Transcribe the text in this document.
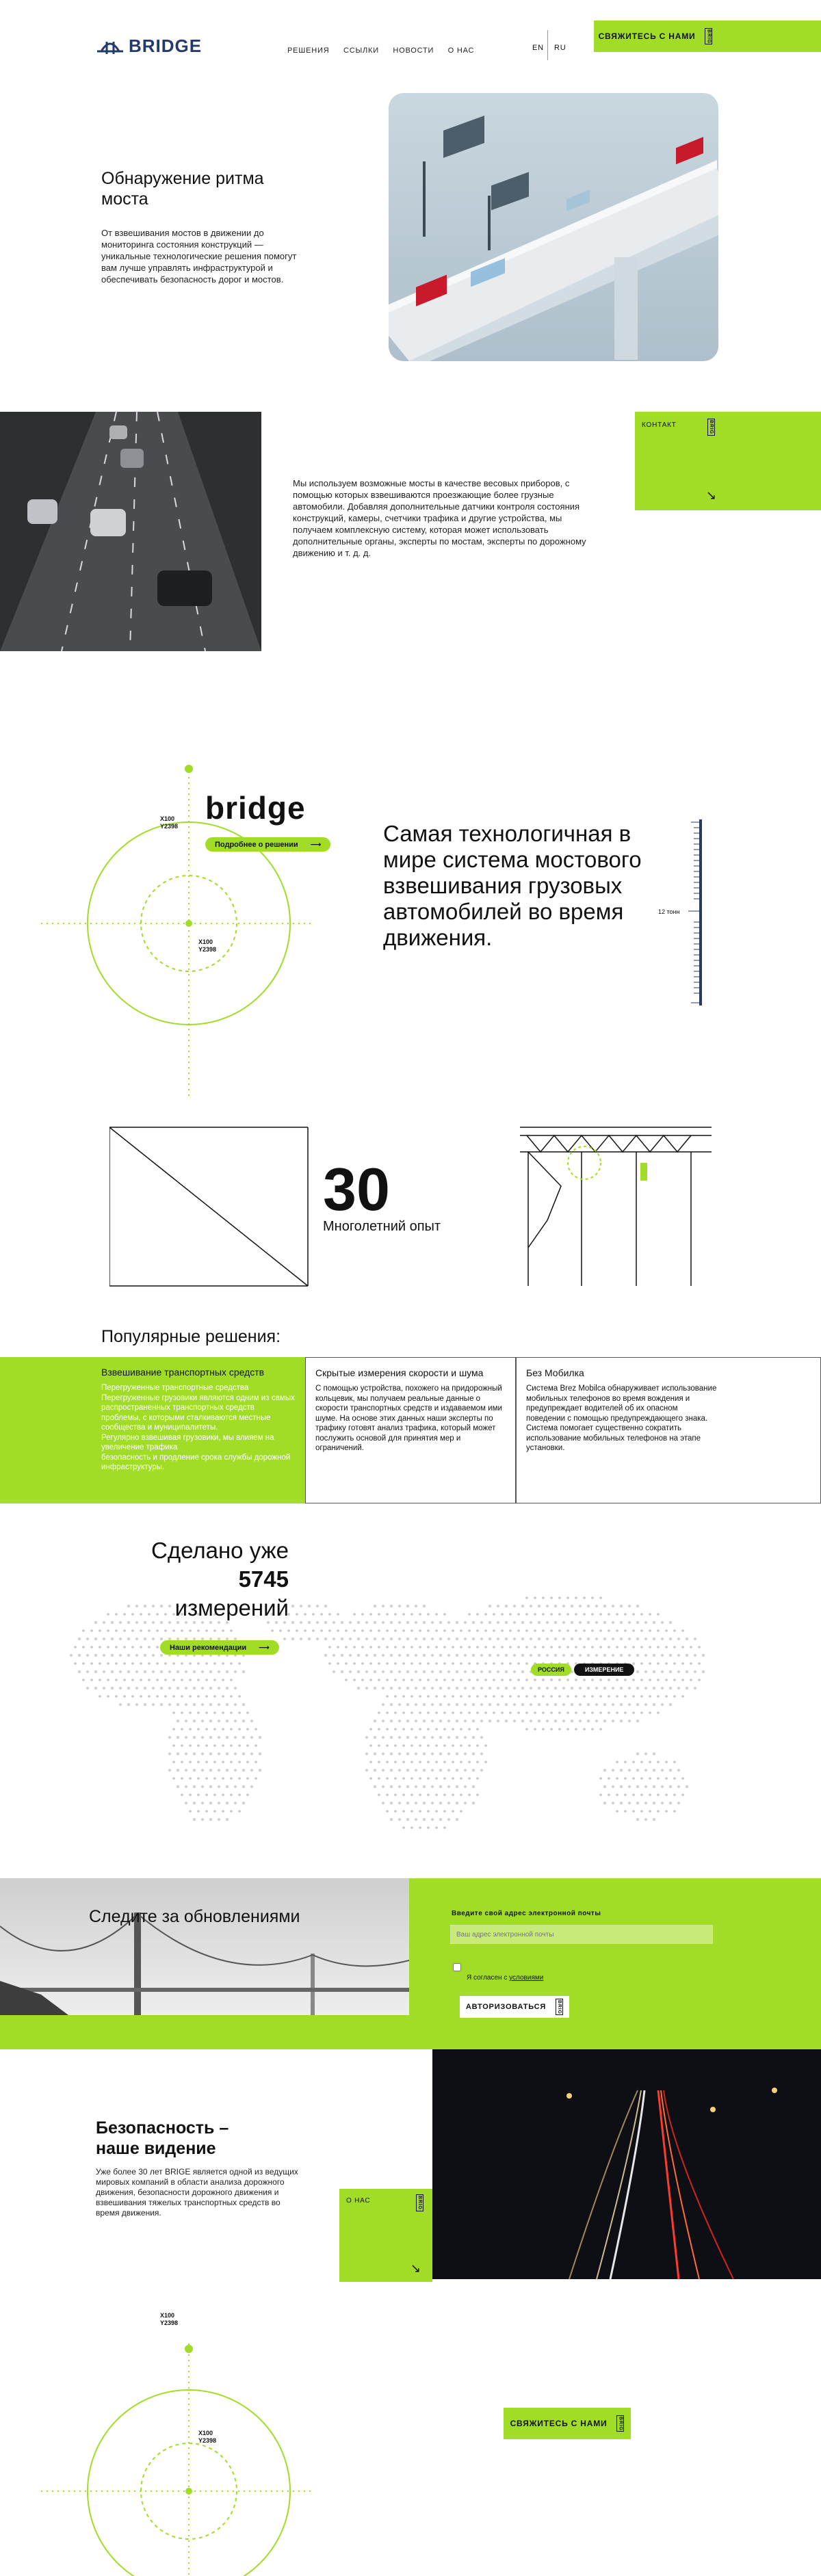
BRIDGE	РЕШЕНИЯ ССЫЛКИ НОВОСТИ О НАС	EN RU
СВЯЖИТЕСЬ С НАМИ BRIG
Обнаружение ритма моста

От взвешивания мостов в движении до мониторинга состояния конструкций — уникальные технологические решения помогут вам лучше управлять инфраструктурой и обеспечивать безопасность дорог и мостов.

Мы используем возможные мосты в качестве весовых приборов, с помощью которых взвешиваются проезжающие более грузные автомобили. Добавляя дополнительные датчики контроля состояния конструкций, камеры, счетчики трафика и другие устройства, мы получаем комплексную систему, которая может использовать дополнительные органы, эксперты по мостам, эксперты по дорожному движению и т. д. д.

КОНТАКТ	BRIG
↘
X100
Y2398
X100
Y2398
bridge
Подробнее о решении ⟶	Самая технологичная в мире система мостового взвешивания грузовых автомобилей во время движения.
12 тонн
30
Многолетний опыт
Популярные решения:
Взвешивание транспортных средств

Перегруженные транспортные средства
Перегруженные грузовики являются одним из самых распространенных транспортных средств проблемы, с которыми сталкиваются местные сообщества и муниципалитеты.
Регулярно взвешивая грузовики, мы влияем на увеличение трафика
безопасность и продление срока службы дорожной инфраструктуры.

Скрытые измерения скорости и шума

С помощью устройства, похожего на придорожный кольцевик, мы получаем реальные данные о скорости транспортных средств и издаваемом ими шуме. На основе этих данных наши эксперты по трафику готовят анализ трафика, который может послужить основой для принятия мер и ограничений.

Без Мобилка

Система Brez Mobilca обнаруживает использование мобильных телефонов во время вождения и предупреждает водителей об их опасном поведении с помощью предупреждающего знака. Система помогает существенно сократить использование мобильных телефонов на этапе установки.

Сделано уже
5745
измерений
Наши рекомендации ⟶
РОССИЯ	ИЗМЕРЕНИЕ
Следите за обновлениями	Введите свой адрес электронной почты
Ваш адрес электронной почты
Я согласен с условиями
АВТОРИЗОВАТЬСЯ BRIG
Безопасность – наше видение

Уже более 30 лет BRIGE является одной из ведущих мировых компаний в области анализа дорожного движения, безопасности дорожного движения и взвешивания тяжелых транспортных средств во время движения.

О НАС	BRIG
↘
X100
Y2398
X100
Y2398
СВЯЖИТЕСЬ С НАМИ BRIG
